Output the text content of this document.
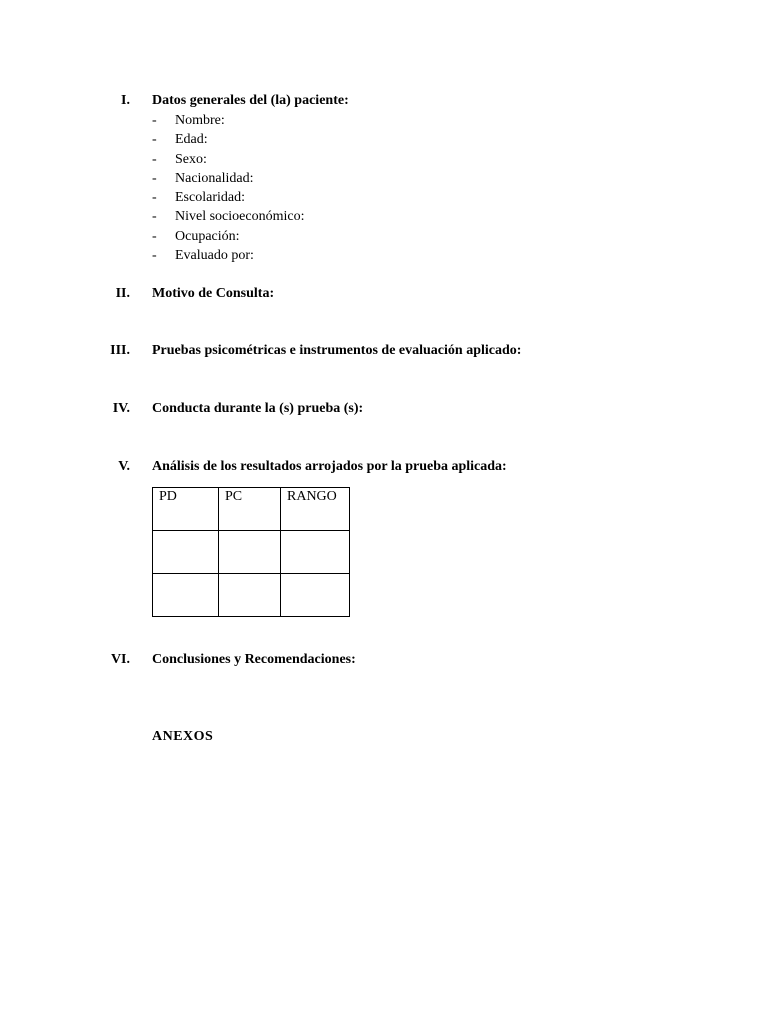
I. Datos generales del (la) paciente:
- Nombre:
- Edad:
- Sexo:
- Nacionalidad:
- Escolaridad:
- Nivel socioeconómico:
- Ocupación:
- Evaluado por:
II. Motivo de Consulta:
III. Pruebas psicométricas e instrumentos de evaluación aplicado:
IV. Conducta durante la (s) prueba (s):
V. Análisis de los resultados arrojados por la prueba aplicada:
PD	PC	RANGO

VI. Conclusiones y Recomendaciones:
ANEXOS
